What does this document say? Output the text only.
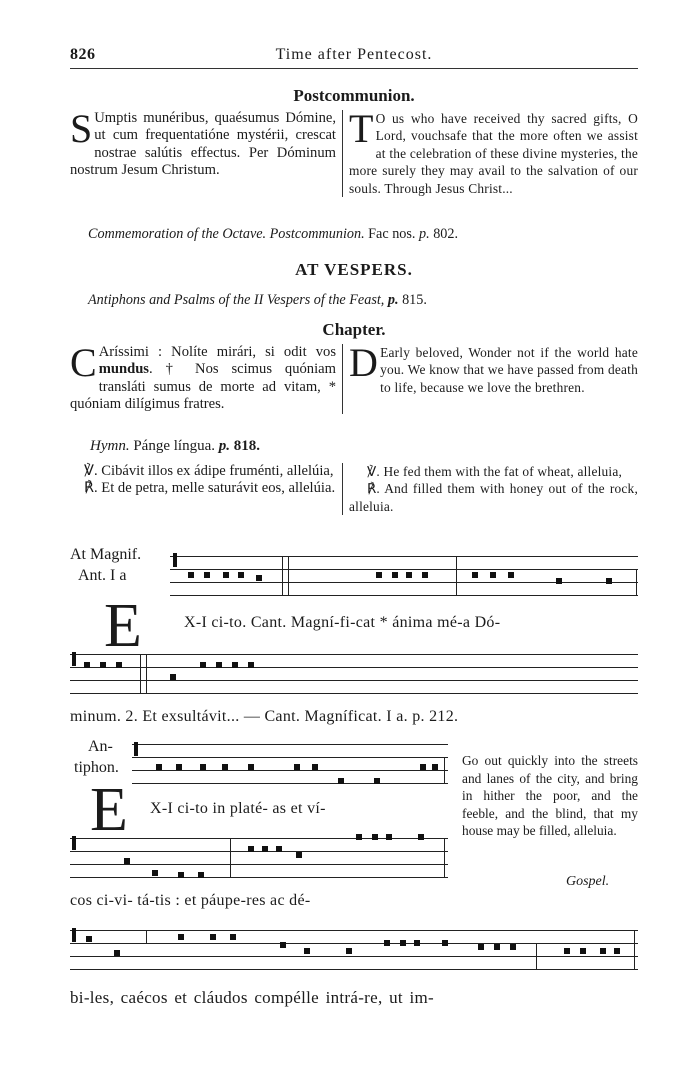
826	Time after Pentecost.
Postcommunion.
S Umptis munéribus, quaésumus Dómine, ut cum frequentatióne mystérii, crescat nostrae salútis effectus. Per Dóminum nostrum Jesum Christum.
T O us who have received thy sacred gifts, O Lord, vouchsafe that the more often we assist at the celebration of these divine mysteries, the more surely they may avail to the salvation of our souls. Through Jesus Christ...
Commemoration of the Octave. Postcommunion. Fac nos. p. 802.
AT VESPERS.
Antiphons and Psalms of the II Vespers of the Feast, p. 815.
Chapter.
C Aríssimi : Nolíte mirári, si odit vos mundus. † Nos scimus quóniam transláti sumus de morte ad vitam, * quóniam dilígimus fratres.
D Early beloved, Wonder not if the world hate you. We know that we have passed from death to life, because we love the brethren.
Hymn. Pánge língua. p. 818.
℣. Cibávit illos ex ádipe fruménti, allelúia,
℟. Et de petra, melle saturávit eos, allelúia.
℣. He fed them with the fat of wheat, alleluia,
℟. And filled them with honey out of the rock, alleluia.
At Magnif.
Ant. I a
E	X-I ci-to. Cant. Magní-fi-cat * ánima mé-a Dó-
minum. 2. Et exsultávit... — Cant. Magníficat. I a. p. 212.
An-
tiphon.
E X-I ci-to in platé- as et ví-
cos ci-vi- tá-tis : et páupe-res ac dé-
Go out quickly into the streets and lanes of the city, and bring in hither the poor, and the feeble, and the blind, that my house may be filled, alleluia.
Gospel.
bi-les, caécos et cláudos compélle intrá-re, ut im-
